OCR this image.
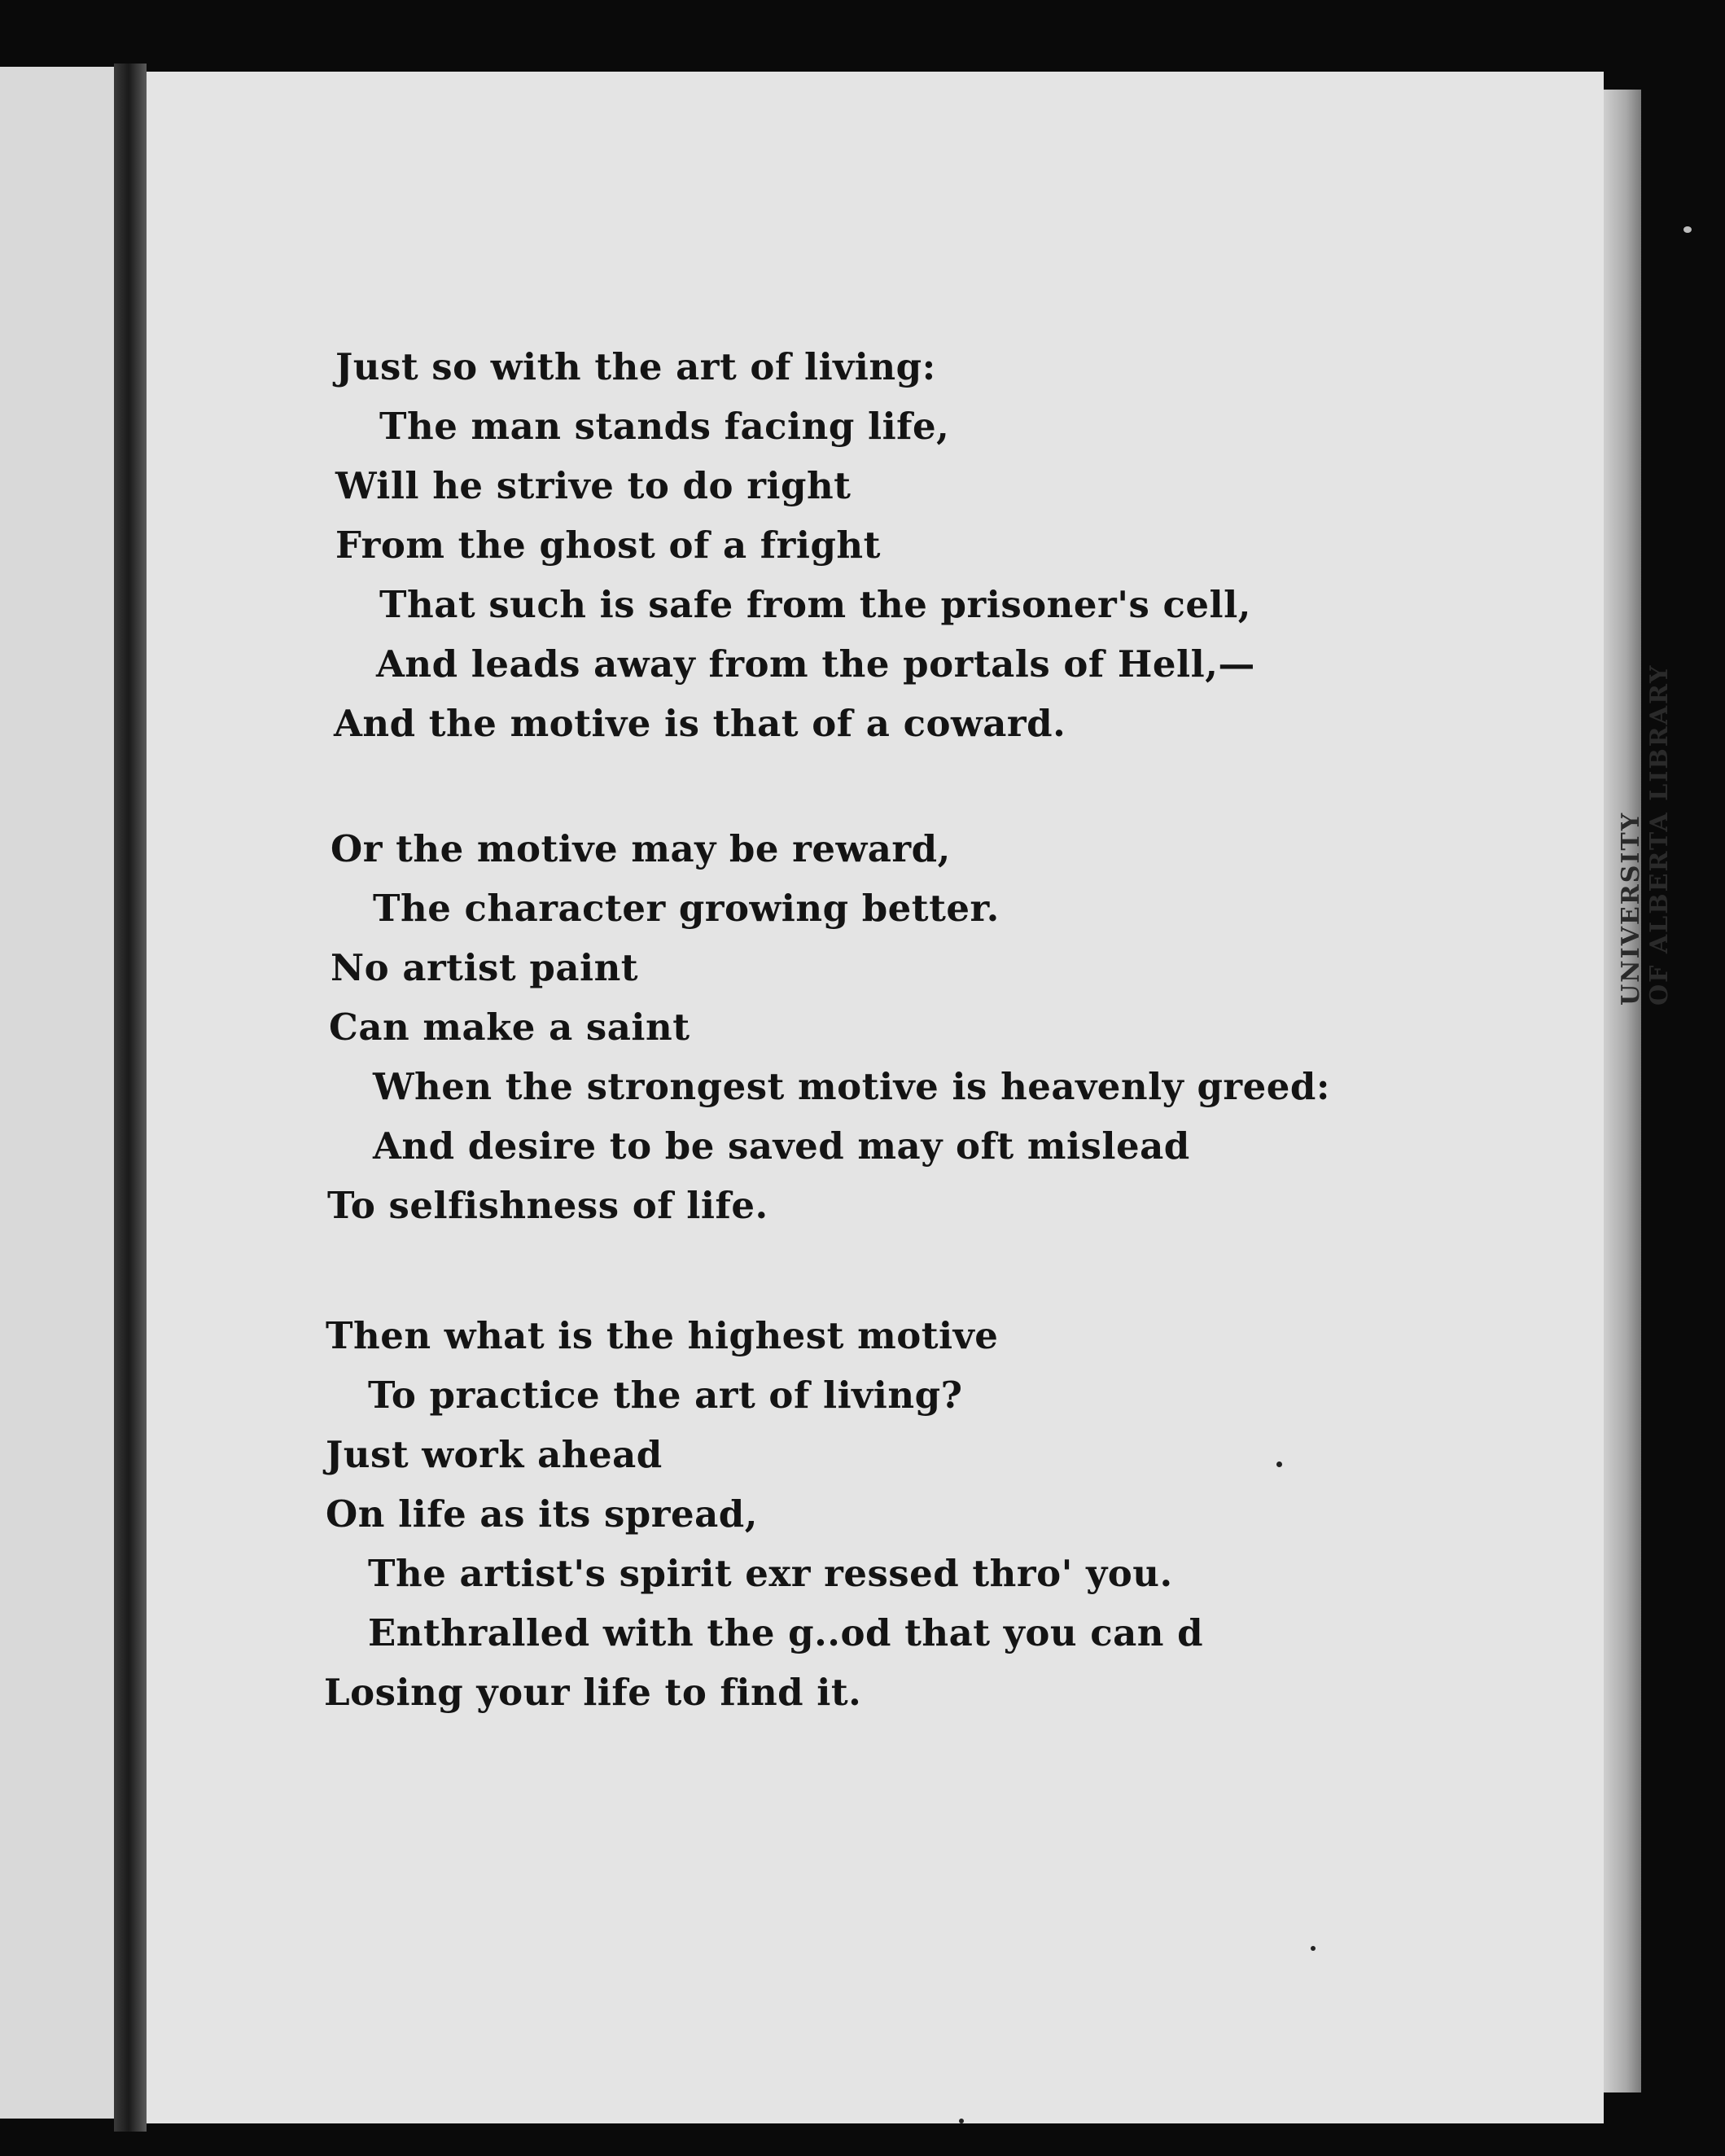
UNIVERSITY OF ALBERTA LIBRARY
Just so with the art of living:
The man stands facing life,
Will he strive to do right
From the ghost of a fright
That such is safe from the prisoner's cell,
And leads away from the portals of Hell,—
And the motive is that of a coward.
Or the motive may be reward,
The character growing better.
No artist paint
Can make a saint
When the strongest motive is heavenly greed:
And desire to be saved may oft mislead
To selfishness of life.
Then what is the highest motive
To practice the art of living?
Just work ahead
On life as its spread,
The artist's spirit exr ressed thro' you.
Enthralled with the g..od that you can d
Losing your life to find it.
